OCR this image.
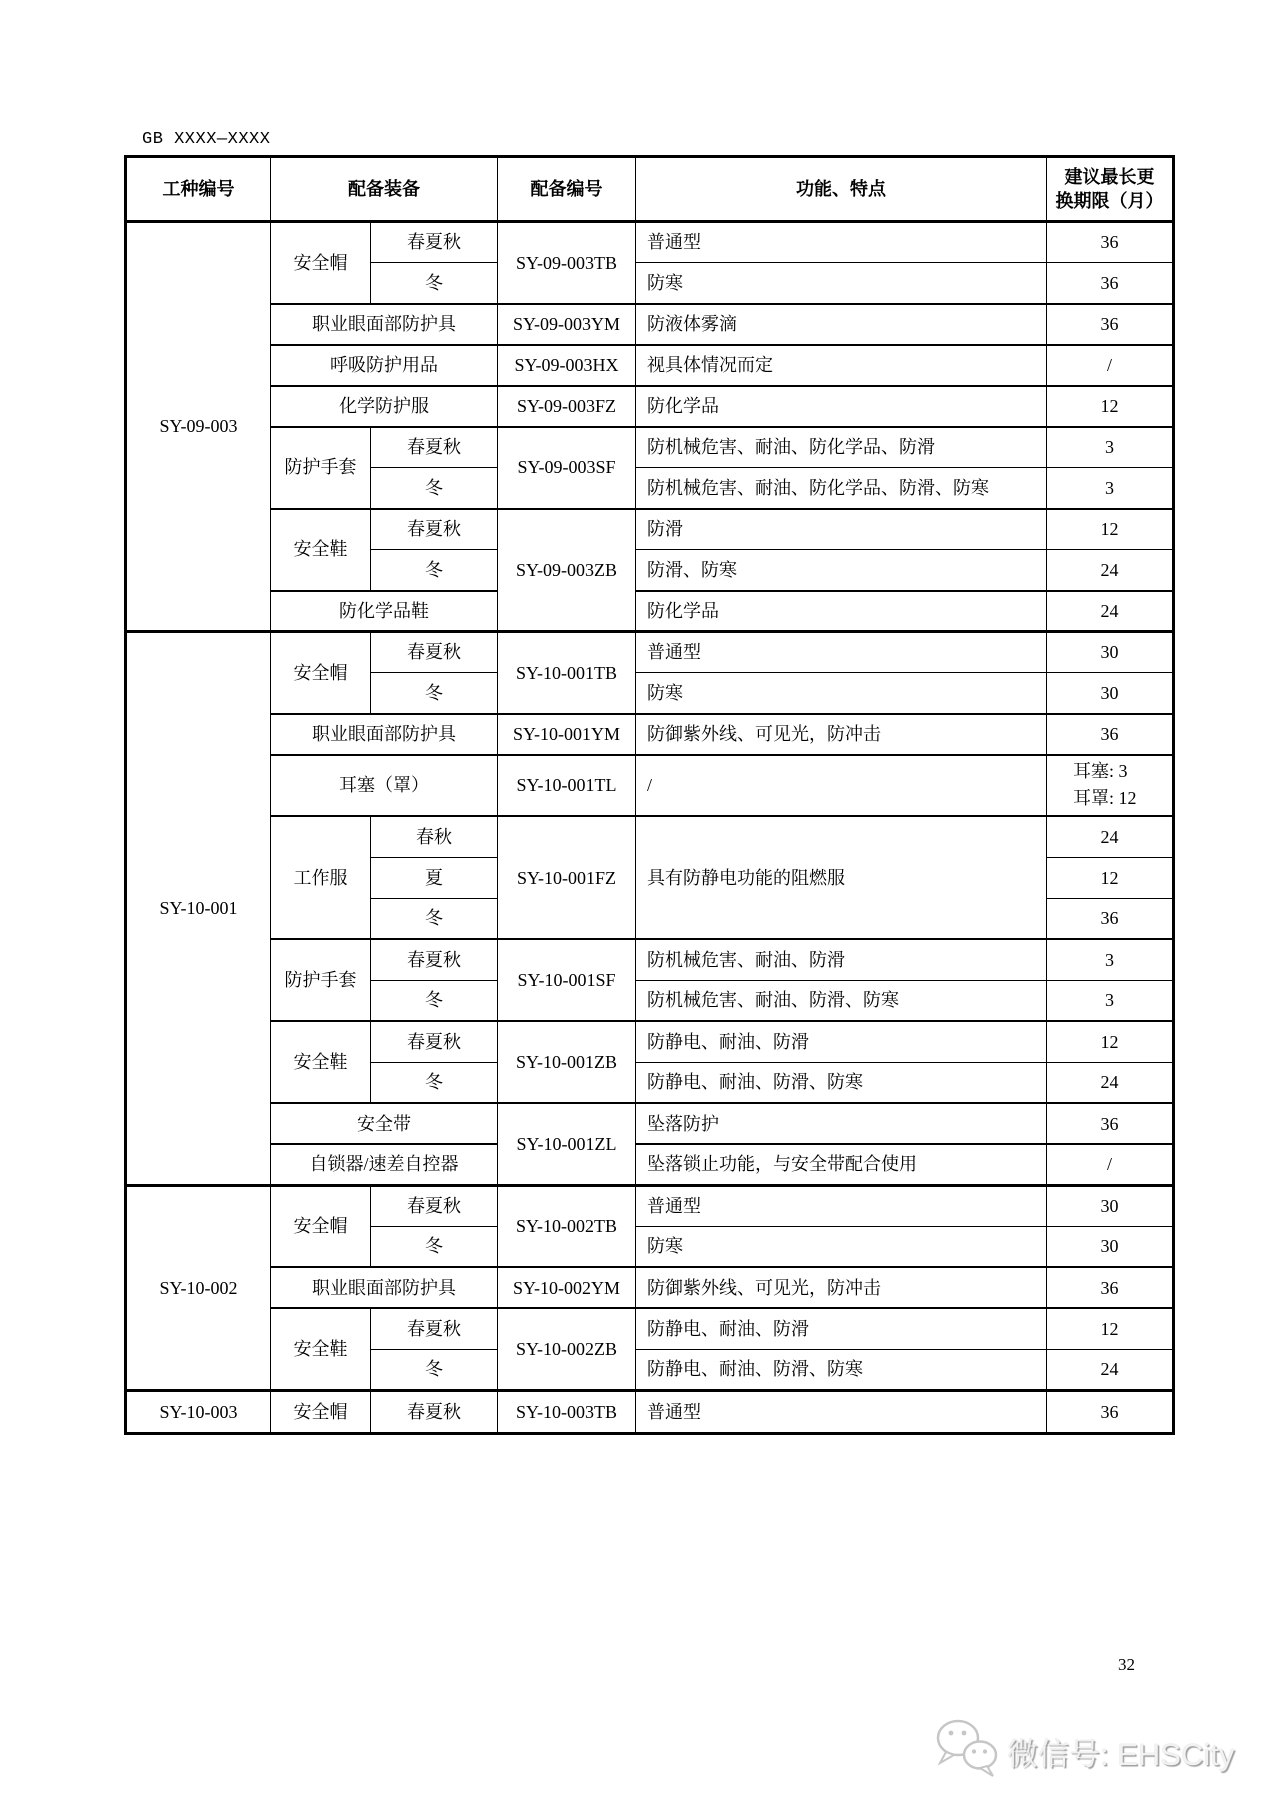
GB XXXX—XXXX
工种编号	配备装备		配备编号	功能、特点	建议最长更
换期限（月）
SY-09-003	安全帽	春夏秋	SY-09-003TB	普通型	36
		冬		防寒	36
	职业眼面部防护具		SY-09-003YM	防液体雾滴	36
	呼吸防护用品		SY-09-003HX	视具体情况而定	/
	化学防护服		SY-09-003FZ	防化学品	12
	防护手套	春夏秋	SY-09-003SF	防机械危害、耐油、防化学品、防滑	3
		冬		防机械危害、耐油、防化学品、防滑、防寒	3
	安全鞋	春夏秋	SY-09-003ZB	防滑	12
		冬		防滑、防寒	24
	防化学品鞋			防化学品	24
SY-10-001	安全帽	春夏秋	SY-10-001TB	普通型	30
		冬		防寒	30
	职业眼面部防护具		SY-10-001YM	防御紫外线、可见光，防冲击	36
	耳塞（罩）		SY-10-001TL	/	耳塞: 3
耳罩: 12
	工作服	春秋	SY-10-001FZ	具有防静电功能的阻燃服	24
		夏			12
		冬			36
	防护手套	春夏秋	SY-10-001SF	防机械危害、耐油、防滑	3
		冬		防机械危害、耐油、防滑、防寒	3
	安全鞋	春夏秋	SY-10-001ZB	防静电、耐油、防滑	12
		冬		防静电、耐油、防滑、防寒	24
	安全带		SY-10-001ZL	坠落防护	36
	自锁器/速差自控器			坠落锁止功能，与安全带配合使用	/
SY-10-002	安全帽	春夏秋	SY-10-002TB	普通型	30
		冬		防寒	30
	职业眼面部防护具		SY-10-002YM	防御紫外线、可见光，防冲击	36
	安全鞋	春夏秋	SY-10-002ZB	防静电、耐油、防滑	12
		冬		防静电、耐油、防滑、防寒	24
SY-10-003	安全帽	春夏秋	SY-10-003TB	普通型	36
32
微信号: EHSCity
